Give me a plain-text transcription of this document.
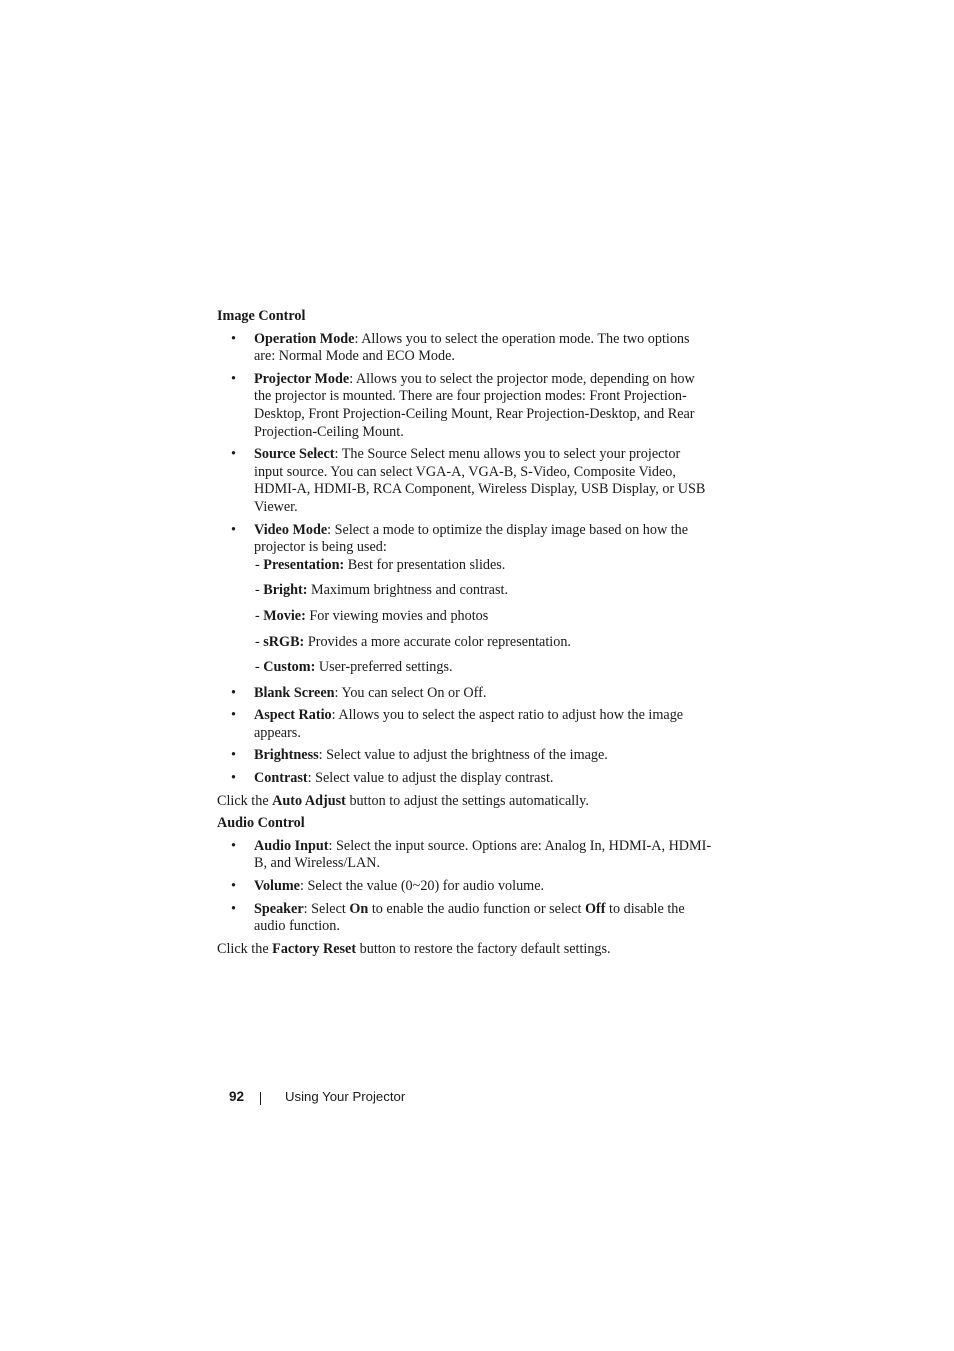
Image Control

• Operation Mode: Allows you to select the operation mode. The two options are: Normal Mode and ECO Mode.
• Projector Mode: Allows you to select the projector mode, depending on how the projector is mounted. There are four projection modes: Front Projection-Desktop, Front Projection-Ceiling Mount, Rear Projection-Desktop, and Rear Projection-Ceiling Mount.
• Source Select: The Source Select menu allows you to select your projector input source. You can select VGA-A, VGA-B, S-Video, Composite Video, HDMI-A, HDMI-B, RCA Component, Wireless Display, USB Display, or USB Viewer.
• Video Mode: Select a mode to optimize the display image based on how the projector is being used:

- Presentation: Best for presentation slides.

- Bright: Maximum brightness and contrast.

- Movie: For viewing movies and photos

- sRGB: Provides a more accurate color representation.

- Custom: User-preferred settings.

• Blank Screen: You can select On or Off.
• Aspect Ratio: Allows you to select the aspect ratio to adjust how the image appears.
• Brightness: Select value to adjust the brightness of the image.
• Contrast: Select value to adjust the display contrast.

Click the Auto Adjust button to adjust the settings automatically.

Audio Control

• Audio Input: Select the input source. Options are: Analog In, HDMI-A, HDMI-B, and Wireless/LAN.
• Volume: Select the value (0~20) for audio volume.
• Speaker: Select On to enable the audio function or select Off to disable the audio function.

Click the Factory Reset button to restore the factory default settings.

92	Using Your Projector
